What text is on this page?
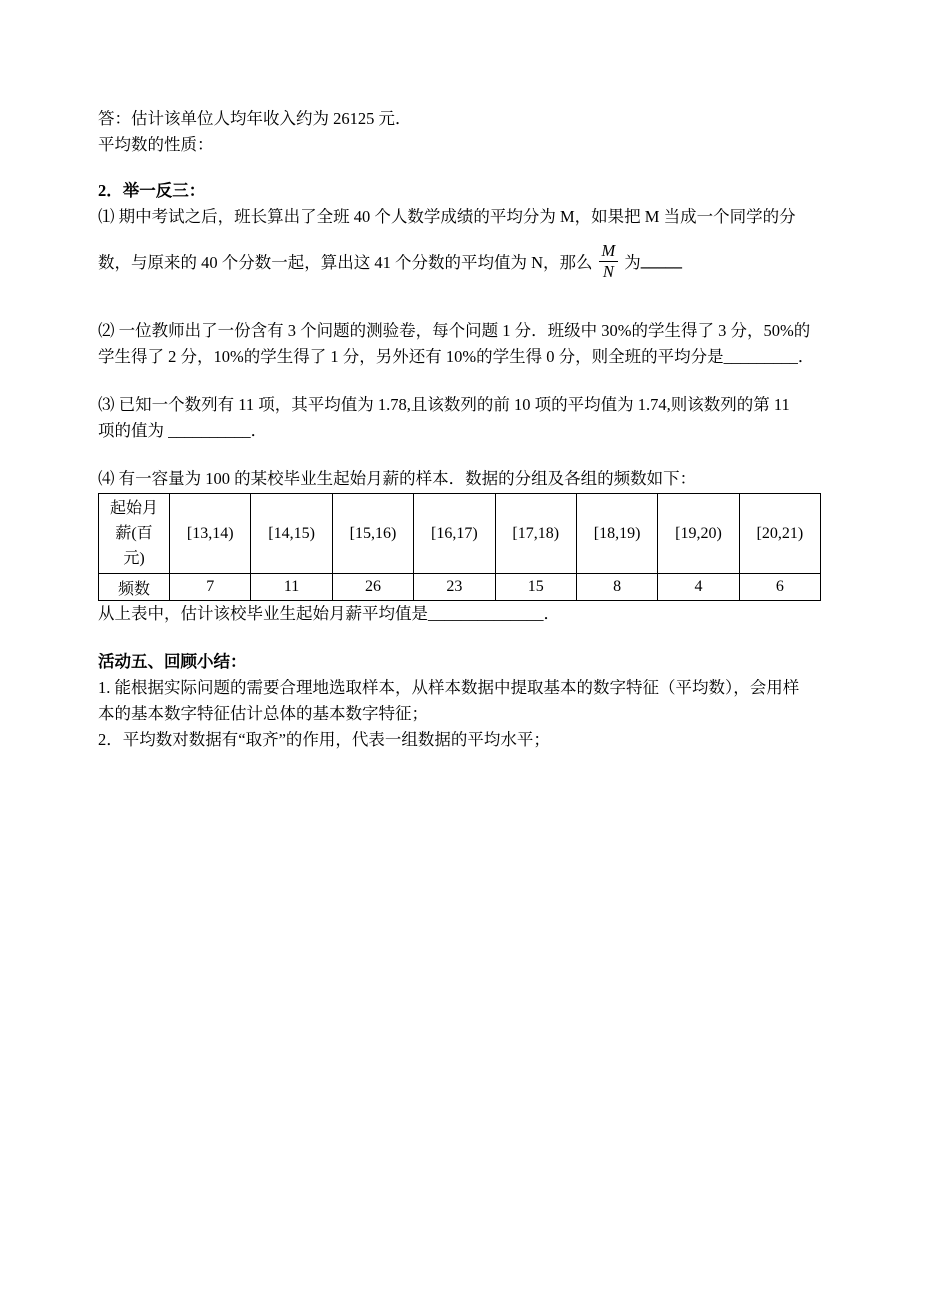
答：估计该单位人均年收入约为 26125 元．
平均数的性质：
2．举一反三：
⑴ 期中考试之后，班长算出了全班 40 个人数学成绩的平均分为 M，如果把 M 当成一个同学的分
数，与原来的 40 个分数一起，算出这 41 个分数的平均值为 N，那么 $\frac{M}{N}$ 为 _____
⑵ 一位教师出了一份含有 3 个问题的测验卷，每个问题 1 分．班级中 30%的学生得了 3 分，50%的
学生得了 2 分，10%的学生得了 1 分，另外还有 10%的学生得 0 分，则全班的平均分是_________．
⑶ 已知一个数列有 11 项，其平均值为 1.78,且该数列的前 10 项的平均值为 1.74,则该数列的第 11
项的值为 __________．
⑷ 有一容量为 100 的某校毕业生起始月薪的样本．数据的分组及各组的频数如下：
起始月
薪(百
元)	[13,14)	[14,15)	[15,16)	[16,17)	[17,18)	[18,19)	[19,20)	[20,21)
频数	7	11	26	23	15	8	4	6
从上表中，估计该校毕业生起始月薪平均值是______________．
活动五、回顾小结：
1. 能根据实际问题的需要合理地选取样本，从样本数据中提取基本的数字特征（平均数），会用样
本的基本数字特征估计总体的基本数字特征；
2．平均数对数据有“取齐”的作用，代表一组数据的平均水平；
